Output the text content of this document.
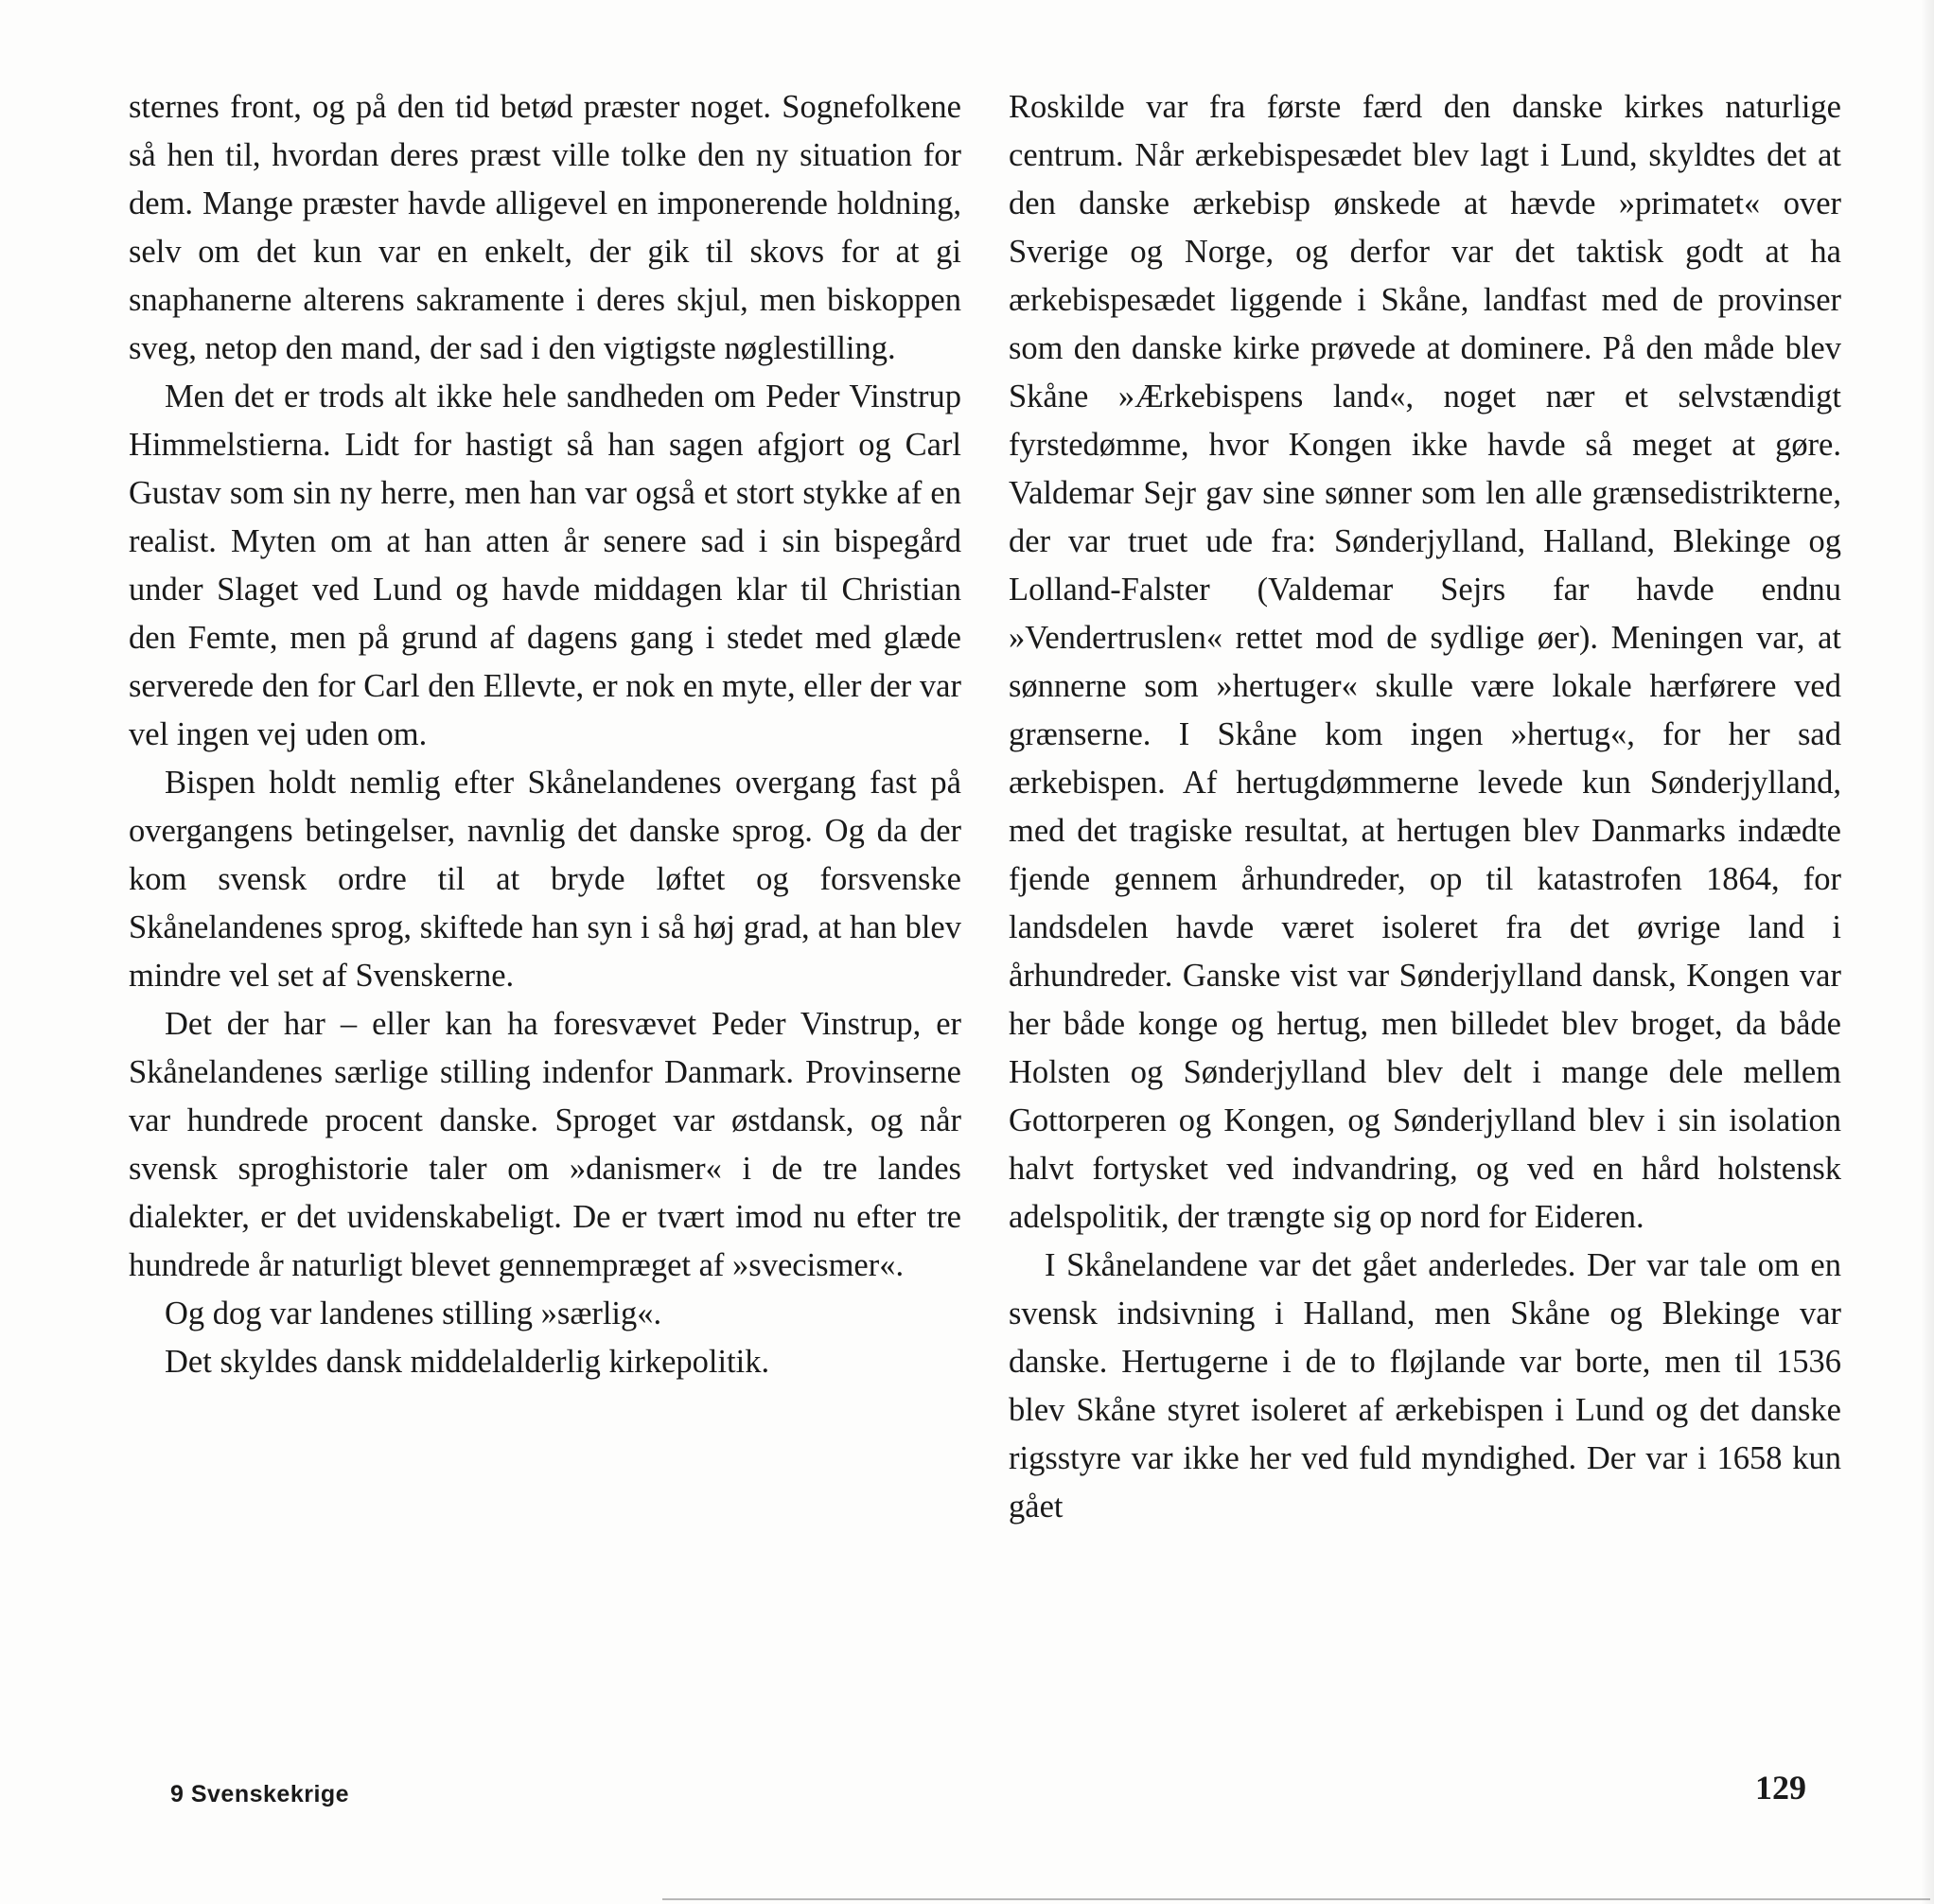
sternes front, og på den tid betød præster noget. Sognefolkene så hen til, hvordan deres præst ville tolke den ny situation for dem. Mange præster havde alligevel en imponerende holdning, selv om det kun var en enkelt, der gik til skovs for at gi snaphanerne alterens sakramente i deres skjul, men biskoppen sveg, netop den mand, der sad i den vigtigste nøglestilling.

Men det er trods alt ikke hele sandheden om Peder Vinstrup Himmelstierna. Lidt for hastigt så han sagen afgjort og Carl Gustav som sin ny herre, men han var også et stort stykke af en realist. Myten om at han atten år senere sad i sin bispegård under Slaget ved Lund og havde middagen klar til Christian den Femte, men på grund af dagens gang i stedet med glæde serverede den for Carl den Ellevte, er nok en myte, eller der var vel ingen vej uden om.

Bispen holdt nemlig efter Skånelandenes overgang fast på overgangens betingelser, navnlig det danske sprog. Og da der kom svensk ordre til at bryde løftet og forsvenske Skånelandenes sprog, skiftede han syn i så høj grad, at han blev mindre vel set af Svenskerne.

Det der har – eller kan ha foresvævet Peder Vinstrup, er Skånelandenes særlige stilling indenfor Danmark. Provinserne var hundrede procent danske. Sproget var østdansk, og når svensk sproghistorie taler om »danismer« i de tre landes dialekter, er det uvidenskabeligt. De er tvært imod nu efter tre hundrede år naturligt blevet gennempræget af »svecismer«.

Og dog var landenes stilling »særlig«.

Det skyldes dansk middelalderlig kirkepolitik.

Roskilde var fra første færd den danske kirkes naturlige centrum. Når ærkebispesædet blev lagt i Lund, skyldtes det at den danske ærkebisp ønskede at hævde »primatet« over Sverige og Norge, og derfor var det taktisk godt at ha ærkebispesædet liggende i Skåne, landfast med de provinser som den danske kirke prøvede at dominere. På den måde blev Skåne »Ærkebispens land«, noget nær et selvstændigt fyrstedømme, hvor Kongen ikke havde så meget at gøre. Valdemar Sejr gav sine sønner som len alle grænsedistrikterne, der var truet ude fra: Sønderjylland, Halland, Blekinge og Lolland-Falster (Valdemar Sejrs far havde endnu »Vendertruslen« rettet mod de sydlige øer). Meningen var, at sønnerne som »hertuger« skulle være lokale hærførere ved grænserne. I Skåne kom ingen »hertug«, for her sad ærkebispen. Af hertugdømmerne levede kun Sønderjylland, med det tragiske resultat, at hertugen blev Danmarks indædte fjende gennem århundreder, op til katastrofen 1864, for landsdelen havde været isoleret fra det øvrige land i århundreder. Ganske vist var Sønderjylland dansk, Kongen var her både konge og hertug, men billedet blev broget, da både Holsten og Sønderjylland blev delt i mange dele mellem Gottorperen og Kongen, og Sønderjylland blev i sin isolation halvt fortysket ved indvandring, og ved en hård holstensk adelspolitik, der trængte sig op nord for Eideren.

I Skånelandene var det gået anderledes. Der var tale om en svensk indsivning i Halland, men Skåne og Blekinge var danske. Hertugerne i de to fløjlande var borte, men til 1536 blev Skåne styret isoleret af ærkebispen i Lund og det danske rigsstyre var ikke her ved fuld myndighed. Der var i 1658 kun gået

9 Svenskekrige	129
